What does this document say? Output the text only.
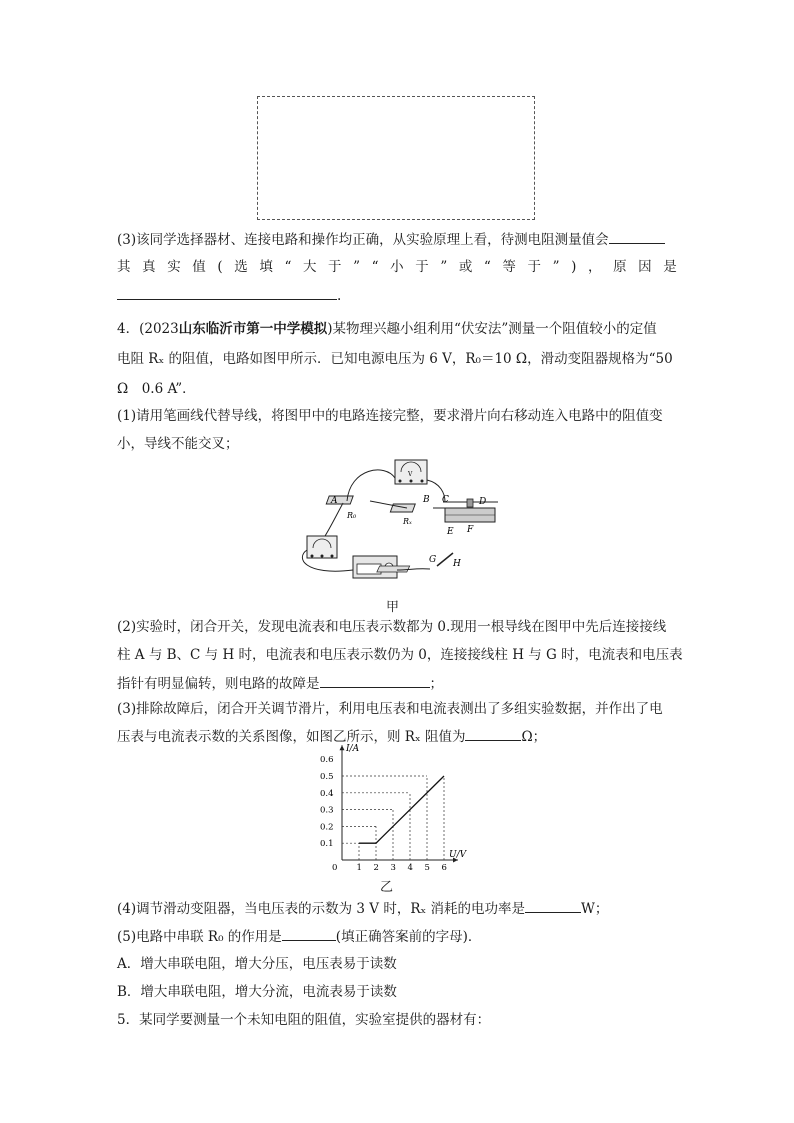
(3)该同学选择器材、连接电路和操作均正确，从实验原理上看，待测电阻测量值会
其 真 实 值 ( 选 填 “ 大 于 ” “ 小 于 ” 或 “ 等 于 ” ) ， 原 因 是
.
4．(2023山东临沂市第一中学模拟)某物理兴趣小组利用“伏安法”测量一个阻值较小的定值
电阻 Rₓ 的阻值，电路如图甲所示．已知电源电压为 6 V，R₀＝10 Ω，滑动变阻器规格为“50
Ω　0.6 A”．
(1)请用笔画线代替导线，将图甲中的电路连接完整，要求滑片向右移动连入电路中的阻值变
小，导线不能交叉；
V
A	B C	D
E F
G H
R₀
Rₓ
甲
(2)实验时，闭合开关，发现电流表和电压表示数都为 0.现用一根导线在图甲中先后连接接线
柱 A 与 B、C 与 H 时，电流表和电压表示数仍为 0，连接接线柱 H 与 G 时，电流表和电压表
指针有明显偏转，则电路的故障是	；
(3)排除故障后，闭合开关调节滑片，利用电压表和电流表测出了多组实验数据，并作出了电
压表与电流表示数的关系图像，如图乙所示，则 Rₓ 阻值为	Ω；
I/A
U/V
0 1 2 3 4 5 6
0.1
0.2
0.3
0.4
0.5
0.6
乙
(4)调节滑动变阻器，当电压表的示数为 3 V 时，Rₓ 消耗的电功率是	W；
(5)电路中串联 R₀ 的作用是	(填正确答案前的字母)．
A．增大串联电阻，增大分压，电压表易于读数
B．增大串联电阻，增大分流，电流表易于读数
5．某同学要测量一个未知电阻的阻值，实验室提供的器材有：
